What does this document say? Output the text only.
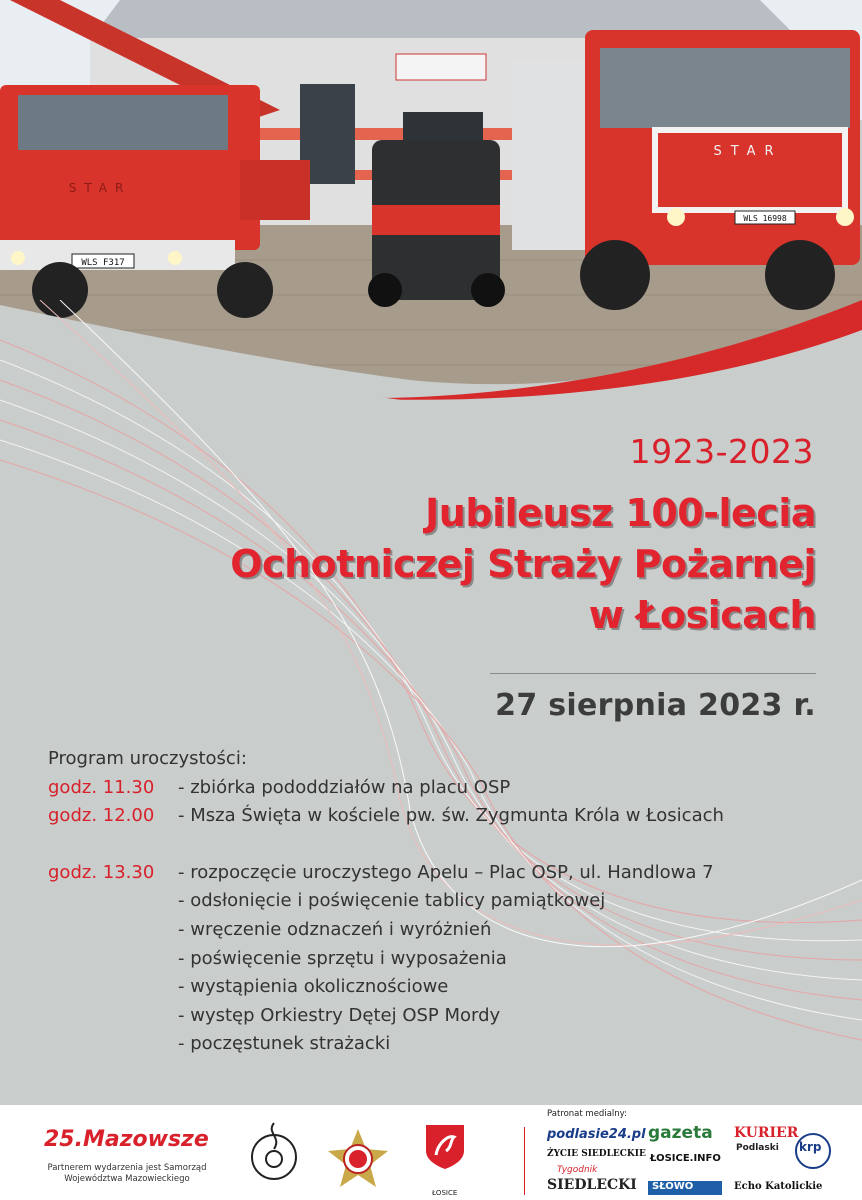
WLS F317
STAR
STAR
WLS 16998
1923-2023
Jubileusz 100-lecia
Ochotniczej Straży Pożarnej
w Łosicach
27 sierpnia 2023 r.
Program uroczystości:
godz. 11.30	- zbiórka pododdziałów na placu OSP
godz. 12.00	- Msza Święta w kościele pw. św. Zygmunta Króla w Łosicach
godz. 13.30	- rozpoczęcie uroczystego Apelu – Plac OSP, ul. Handlowa 7
- odsłonięcie i poświęcenie tablicy pamiątkowej
- wręczenie odznaczeń i wyróżnień
- poświęcenie sprzętu i wyposażenia
- wystąpienia okolicznościowe
- występ Orkiestry Dętej OSP Mordy
- poczęstunek strażacki
25.Mazowsze
Partnerem wydarzenia jest Samorząd Województwa Mazowieckiego
ŁOSICE
Patronat medialny:
podlasie24.pl
ŻYCIE SIEDLECKIE
Tygodnik
SIEDLECKI
gazeta
ŁOSICE.INFO
SŁOWO
KURIER
Podlaski
Echo Katolickie
krp
